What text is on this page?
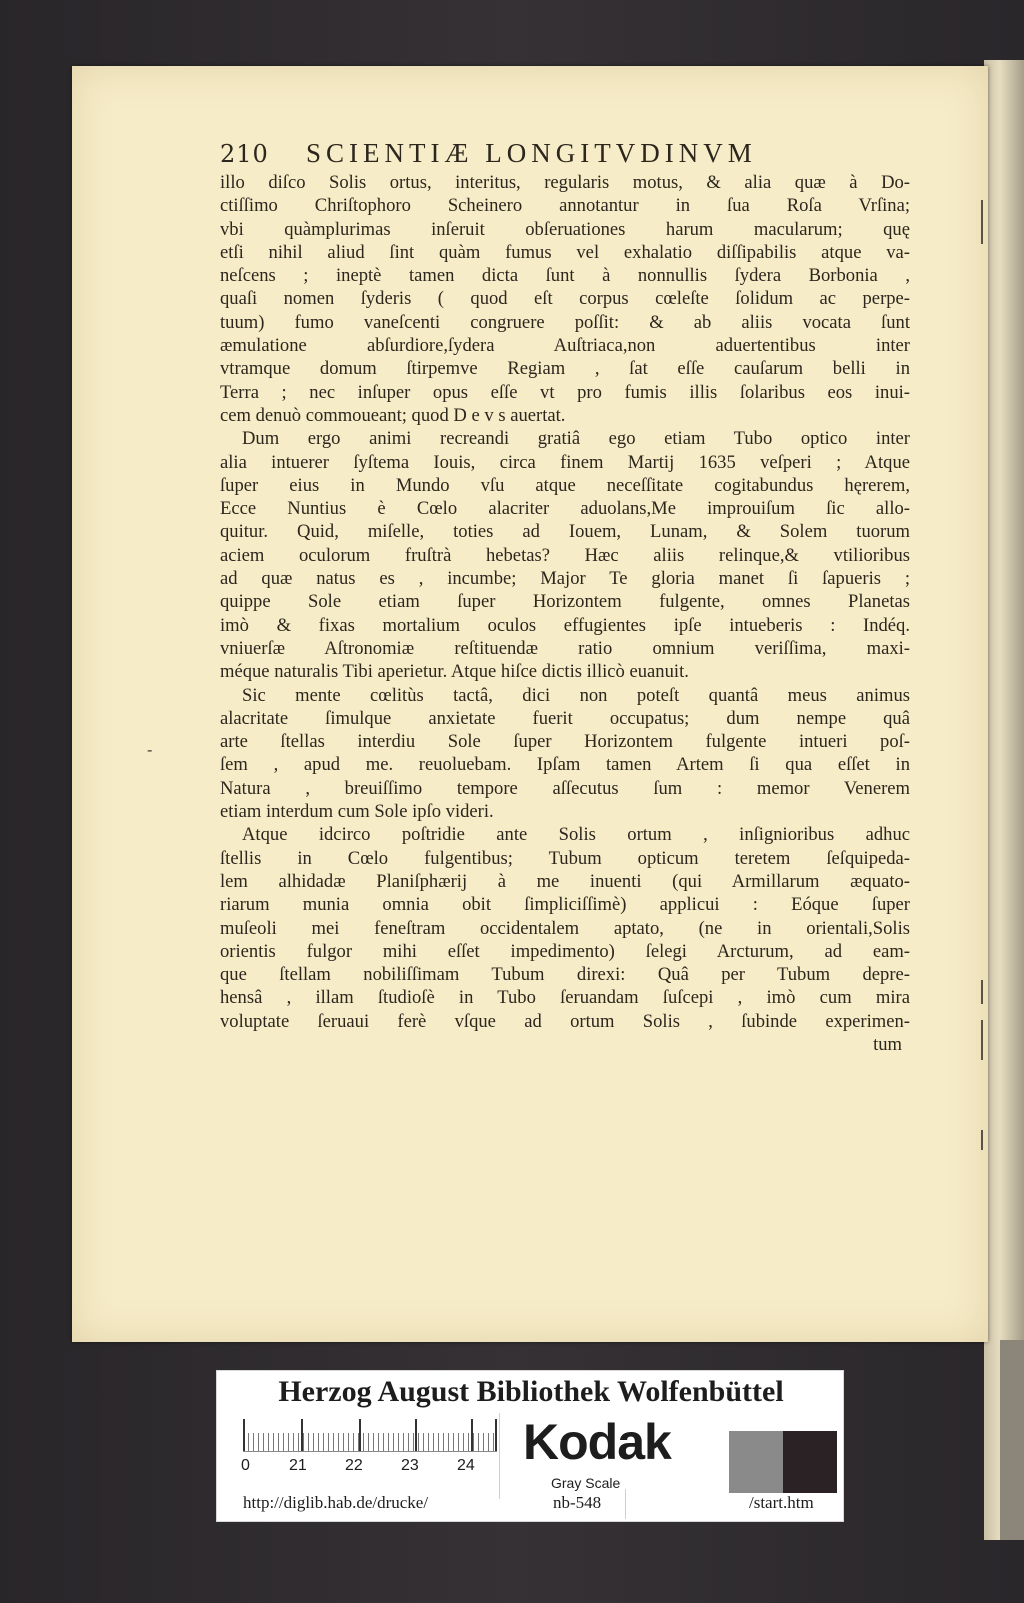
-
210	SCIENTIÆ LONGITVDINVM
illo diſco Solis ortus, interitus, regularis motus, & alia quæ à Do-
ctiſſimo Chriſtophoro Scheinero annotantur in ſua Roſa Vrſina;
vbi quàmplurimas inſeruit obſeruationes harum macularum; quę
etſi nihil aliud ſint quàm fumus vel exhalatio diſſipabilis atque va-
neſcens ; ineptè tamen dicta ſunt à nonnullis ſydera Borbonia ,
quaſi nomen ſyderis ( quod eſt corpus cœleſte ſolidum ac perpe-
tuum) fumo vaneſcenti congruere poſſit: & ab aliis vocata ſunt
æmulatione abſurdiore,ſydera Auſtriaca,non aduertentibus inter
vtramque domum ſtirpemve Regiam , ſat eſſe cauſarum belli in
Terra ; nec inſuper opus eſſe vt pro fumis illis ſolaribus eos inui-
cem denuò commoueant; quod D e v s auertat.
Dum ergo animi recreandi gratiâ ego etiam Tubo optico inter
alia intuerer ſyſtema Iouis, circa finem Martij 1635 veſperi ; Atque
ſuper eius in Mundo vſu atque neceſſitate cogitabundus hęrerem,
Ecce Nuntius è Cœlo alacriter aduolans,Me improuiſum ſic allo-
quitur. Quid, miſelle, toties ad Iouem, Lunam, & Solem tuorum
aciem oculorum fruſtrà hebetas? Hæc aliis relinque,& vtilioribus
ad quæ natus es , incumbe; Major Te gloria manet ſi ſapueris ;
quippe Sole etiam ſuper Horizontem fulgente, omnes Planetas
imò & fixas mortalium oculos effugientes ipſe intueberis : Indéq.
vniuerſæ Aſtronomiæ reſtituendæ ratio omnium veriſſima, maxi-
méque naturalis Tibi aperietur. Atque hiſce dictis illicò euanuit.
Sic mente cœlitùs tactâ, dici non poteſt quantâ meus animus
alacritate ſimulque anxietate fuerit occupatus; dum nempe quâ
arte ſtellas interdiu Sole ſuper Horizontem fulgente intueri poſ-
ſem , apud me. reuoluebam. Ipſam tamen Artem ſi qua eſſet in
Natura , breuiſſimo tempore aſſecutus ſum : memor Venerem
etiam interdum cum Sole ipſo videri.
Atque idcirco poſtridie ante Solis ortum , inſignioribus adhuc
ſtellis in Cœlo fulgentibus; Tubum opticum teretem ſeſquipeda-
lem alhidadæ Planiſphærij à me inuenti (qui Armillarum æquato-
riarum munia omnia obit ſimpliciſſimè) applicui : Eóque ſuper
muſeoli mei feneſtram occidentalem aptato, (ne in orientali,Solis
orientis fulgor mihi eſſet impedimento) ſelegi Arcturum, ad eam-
que ſtellam nobiliſſimam Tubum direxi: Quâ per Tubum depre-
hensâ , illam ſtudioſè in Tubo ſeruandam ſuſcepi , imò cum mira
voluptate ſeruaui ferè vſque ad ortum Solis , ſubinde experimen-
tum
Herzog August Bibliothek Wolfenbüttel
0 21 22 23 24 Kodak
Gray Scale
http://diglib.hab.de/drucke/	nb-548	/start.htm
